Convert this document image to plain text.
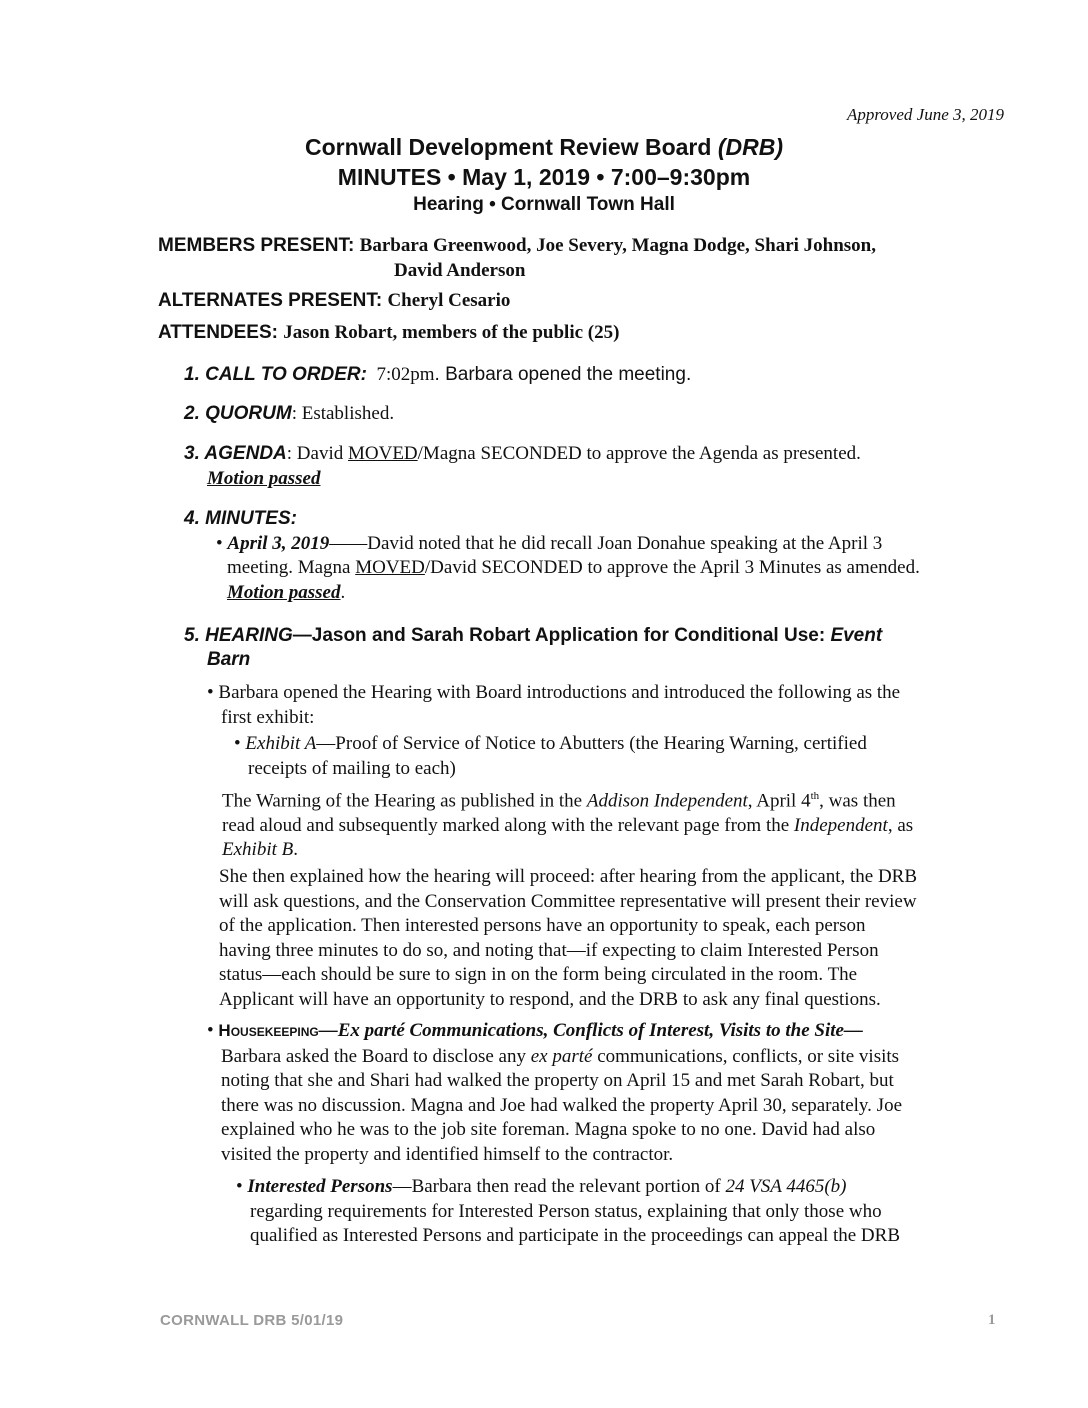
Approved June 3, 2019
Cornwall Development Review Board (DRB)
MINUTES • May 1, 2019 • 7:00–9:30pm
Hearing • Cornwall Town Hall
MEMBERS PRESENT: Barbara Greenwood, Joe Severy, Magna Dodge, Shari Johnson,
David Anderson
ALTERNATES PRESENT: Cheryl Cesario
ATTENDEES: Jason Robart, members of the public (25)
1. CALL TO ORDER: 7:02pm. Barbara opened the meeting.
2. QUORUM: Established.
3. AGENDA: David MOVED/Magna SECONDED to approve the Agenda as presented.
Motion passed
4. MINUTES:
• April 3, 2019——David noted that he did recall Joan Donahue speaking at the April 3
meeting. Magna MOVED/David SECONDED to approve the April 3 Minutes as amended.
Motion passed.
5. HEARING—Jason and Sarah Robart Application for Conditional Use: Event
Barn
• Barbara opened the Hearing with Board introductions and introduced the following as the
first exhibit:
• Exhibit A—Proof of Service of Notice to Abutters (the Hearing Warning, certified
receipts of mailing to each)
The Warning of the Hearing as published in the Addison Independent, April 4th, was then
read aloud and subsequently marked along with the relevant page from the Independent, as
Exhibit B.
She then explained how the hearing will proceed: after hearing from the applicant, the DRB
will ask questions, and the Conservation Committee representative will present their review
of the application. Then interested persons have an opportunity to speak, each person
having three minutes to do so, and noting that—if expecting to claim Interested Person
status—each should be sure to sign in on the form being circulated in the room. The
Applicant will have an opportunity to respond, and the DRB to ask any final questions.
• HOUSEKEEPING—Ex parté Communications, Conflicts of Interest, Visits to the Site—
Barbara asked the Board to disclose any ex parté communications, conflicts, or site visits
noting that she and Shari had walked the property on April 15 and met Sarah Robart, but
there was no discussion. Magna and Joe had walked the property April 30, separately. Joe
explained who he was to the job site foreman. Magna spoke to no one. David had also
visited the property and identified himself to the contractor.
• Interested Persons—Barbara then read the relevant portion of 24 VSA 4465(b)
regarding requirements for Interested Person status, explaining that only those who
qualified as Interested Persons and participate in the proceedings can appeal the DRB
CORNWALL DRB 5/01/19	1
